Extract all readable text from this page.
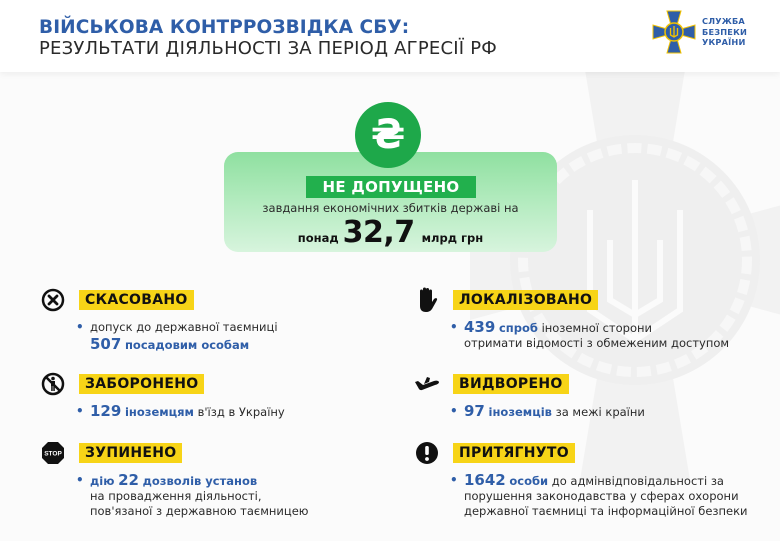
ВІЙСЬКОВА КОНТРРОЗВІДКА СБУ:
РЕЗУЛЬТАТИ ДІЯЛЬНОСТІ ЗА ПЕРІОД АГРЕСІЇ РФ
СЛУЖБА
БЕЗПЕКИ
УКРАЇНИ
₴
НЕ ДОПУЩЕНО
завдання економічних збитків державі на
понад 32,7 млрд грн
СКАСОВАНО
• допуск до державної таємниці
507 посадовим особам
ЗАБОРОНЕНО
• 129 іноземцям в'їзд в Україну
STOP	ЗУПИНЕНО
• дію 22 дозволів установ
на провадження діяльності,
пов'язаної з державною таємницею
ЛОКАЛІЗОВАНО
• 439 спроб іноземної сторони
отримати відомості з обмеженим доступом
ВИДВОРЕНО
• 97 іноземців за межі країни
ПРИТЯГНУТО
• 1642 особи до адмінвідповідальності за
порушення законодавства у сферах охорони
державної таємниці та інформаційної безпеки
